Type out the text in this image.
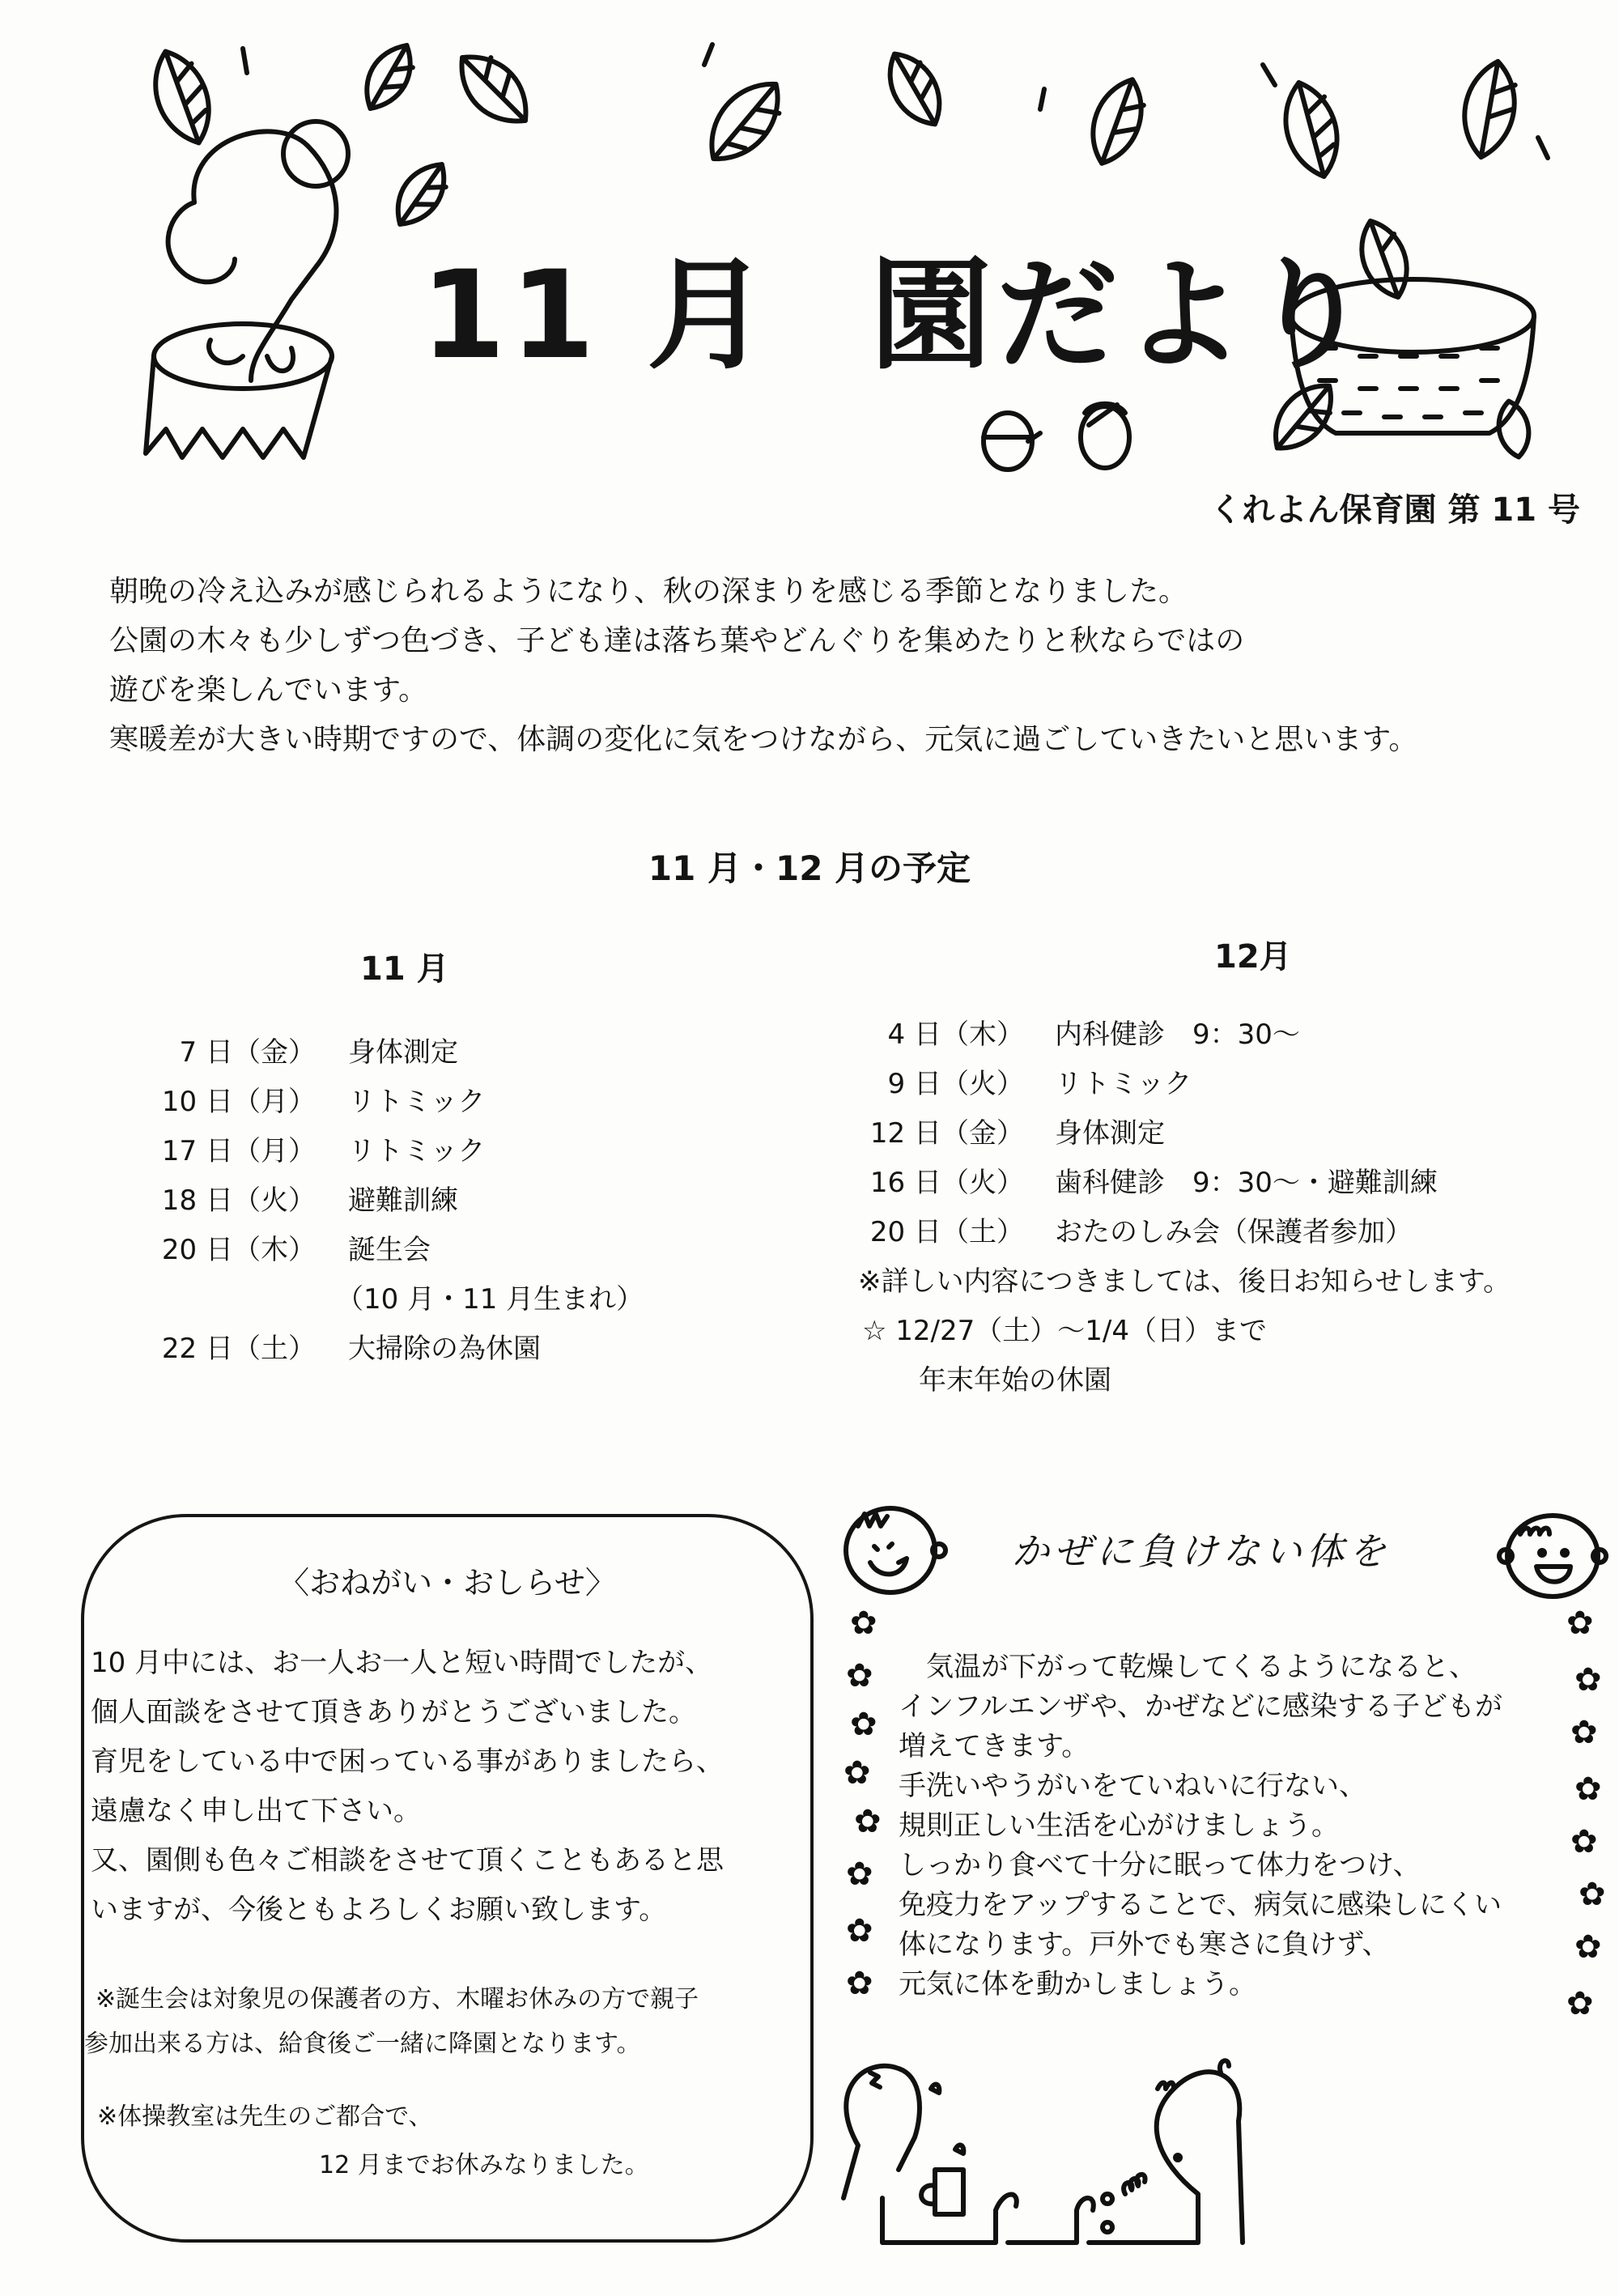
11 月 園だより
くれよん保育園 第 11 号

朝晩の冷え込みが感じられるようになり、秋の深まりを感じる季節となりました。

公園の木々も少しずつ色づき、子ども達は落ち葉やどんぐりを集めたりと秋ならではの

遊びを楽しんでいます。

寒暖差が大きい時期ですので、体調の変化に気をつけながら、元気に過ごしていきたいと思います。

11 月・12 月の予定
11 月
7 日（金） 身体測定
10 日（月） リトミック
17 日（月） リトミック
18 日（火） 避難訓練
20 日（木） 誕生会
（10 月・11 月生まれ）
22 日（土） 大掃除の為休園
12月
4 日（木） 内科健診　9：30～
9 日（火） リトミック
12 日（金） 身体測定
16 日（火） 歯科健診　9：30～・避難訓練
20 日（土） おたのしみ会（保護者参加）
※詳しい内容につきましては、後日お知らせします。
☆ 12/27（土）～1/4（日）まで
年末年始の休園
〈おねがい・おしらせ〉

10 月中には、お一人お一人と短い時間でしたが、

個人面談をさせて頂きありがとうございました。

育児をしている中で困っている事がありましたら、

遠慮なく申し出て下さい。

又、園側も色々ご相談をさせて頂くこともあると思

いますが、今後ともよろしくお願い致します。

※誕生会は対象児の保護者の方、木曜お休みの方で親子
参加出来る方は、給食後ご一緒に降園となります。
※体操教室は先生のご都合で、
12 月までお休みなりました。
かぜに負けない体を

　気温が下がって乾燥してくるようになると、

インフルエンザや、かぜなどに感染する子どもが

増えてきます。

手洗いやうがいをていねいに行ない、

規則正しい生活を心がけましょう。

しっかり食べて十分に眠って体力をつけ、

免疫力をアップすることで、病気に感染しにくい

体になります。戸外でも寒さに負けず、

元気に体を動かしましょう。

✿
✿
✿
✿
✿
✿
✿
✿
✿
✿
✿
✿
✿
✿
✿
✿
